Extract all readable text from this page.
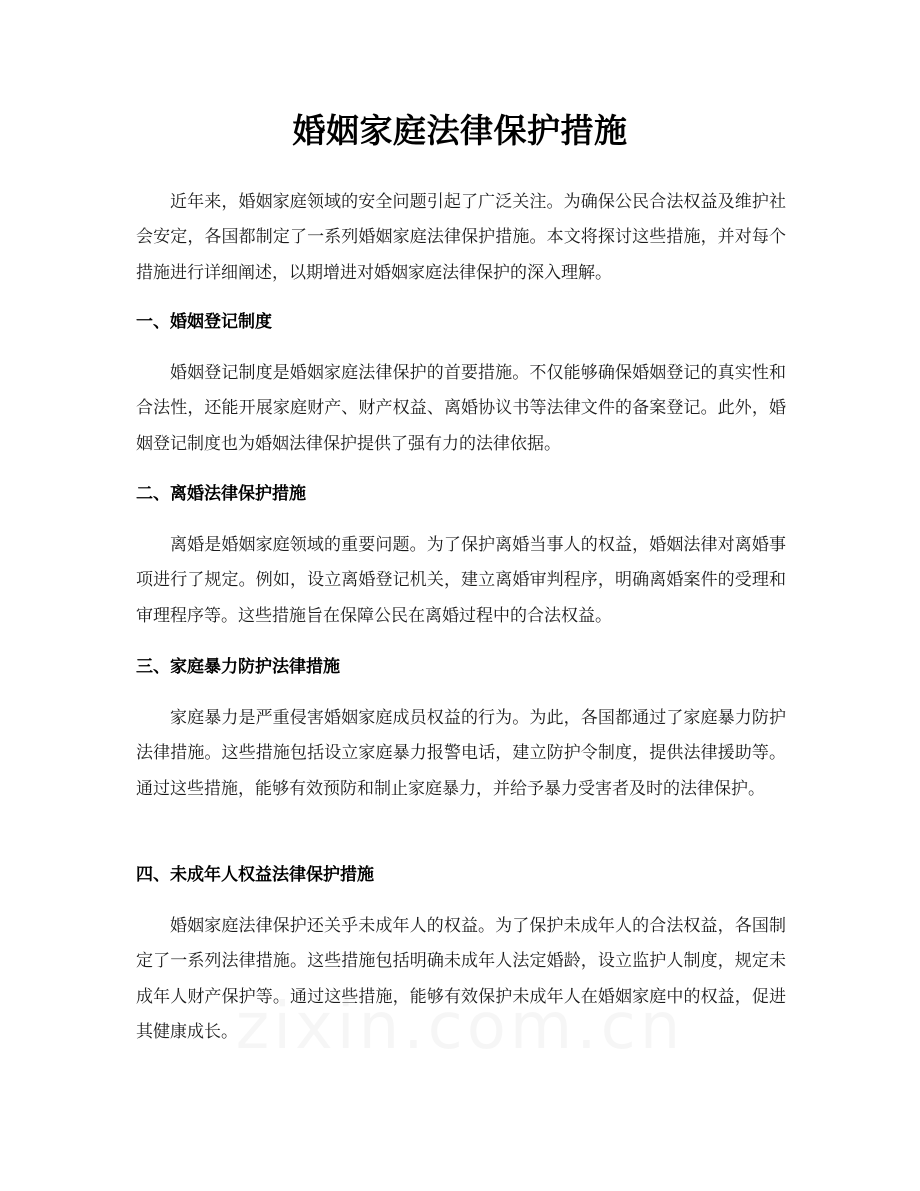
婚姻家庭法律保护措施

近年来，婚姻家庭领域的安全问题引起了广泛关注。为确保公民合法权益及维护社会安定，各国都制定了一系列婚姻家庭法律保护措施。本文将探讨这些措施，并对每个措施进行详细阐述，以期增进对婚姻家庭法律保护的深入理解。

一、婚姻登记制度

婚姻登记制度是婚姻家庭法律保护的首要措施。不仅能够确保婚姻登记的真实性和合法性，还能开展家庭财产、财产权益、离婚协议书等法律文件的备案登记。此外，婚姻登记制度也为婚姻法律保护提供了强有力的法律依据。

二、离婚法律保护措施

离婚是婚姻家庭领域的重要问题。为了保护离婚当事人的权益，婚姻法律对离婚事项进行了规定。例如，设立离婚登记机关，建立离婚审判程序，明确离婚案件的受理和审理程序等。这些措施旨在保障公民在离婚过程中的合法权益。

三、家庭暴力防护法律措施

家庭暴力是严重侵害婚姻家庭成员权益的行为。为此，各国都通过了家庭暴力防护法律措施。这些措施包括设立家庭暴力报警电话，建立防护令制度，提供法律援助等。通过这些措施，能够有效预防和制止家庭暴力，并给予暴力受害者及时的法律保护。

四、未成年人权益法律保护措施

婚姻家庭法律保护还关乎未成年人的权益。为了保护未成年人的合法权益，各国制定了一系列法律措施。这些措施包括明确未成年人法定婚龄，设立监护人制度，规定未成年人财产保护等。通过这些措施，能够有效保护未成年人在婚姻家庭中的权益，促进其健康成长。
